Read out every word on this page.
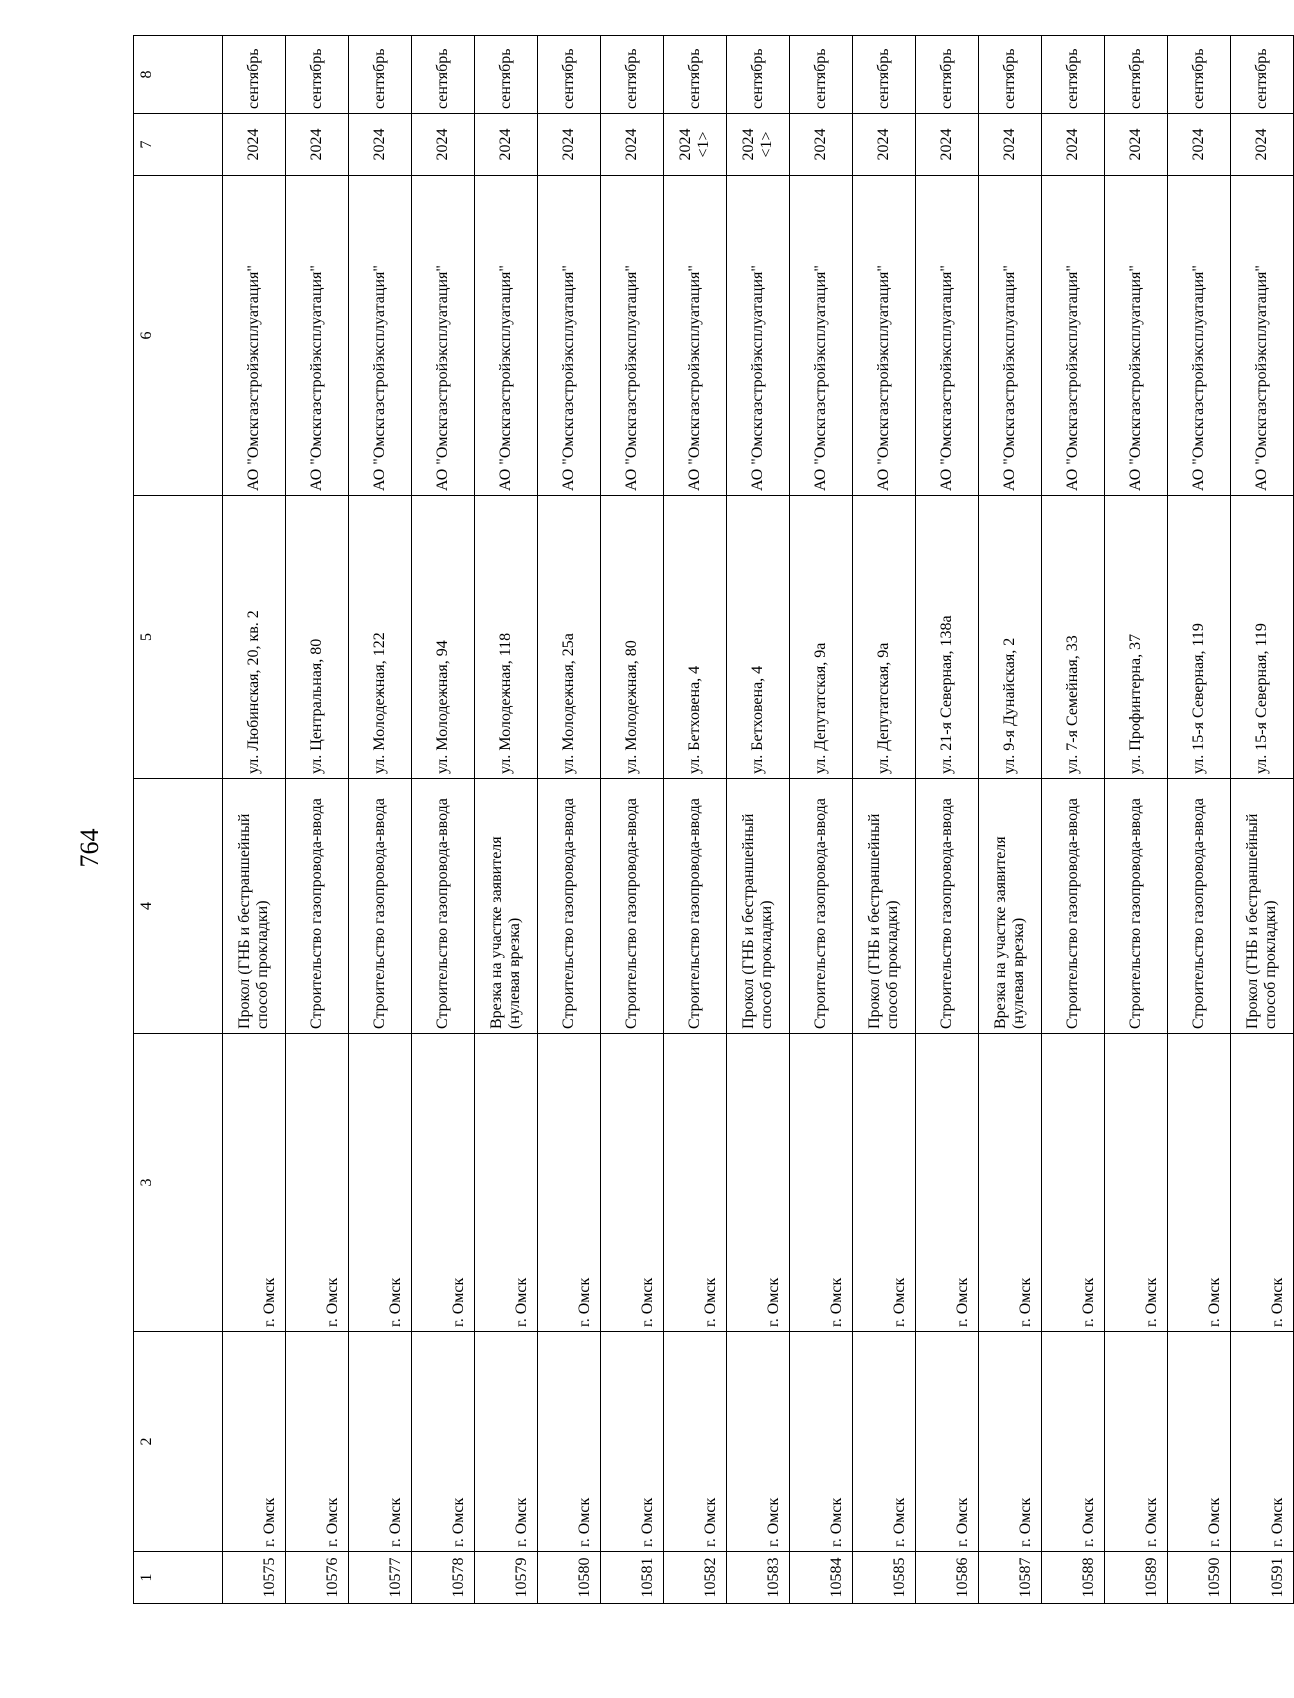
764
1	2	3	4	5	6	7	8
10575	г. Омск	г. Омск	Прокол (ГНБ и бестраншейный способ прокладки)	ул. Любинская, 20, кв. 2	АО "Омскгазстройэксплуатация"	2024	сентябрь
10576	г. Омск	г. Омск	Строительство газопровода-ввода	ул. Центральная, 80	АО "Омскгазстройэксплуатация"	2024	сентябрь
10577	г. Омск	г. Омск	Строительство газопровода-ввода	ул. Молодежная, 122	АО "Омскгазстройэксплуатация"	2024	сентябрь
10578	г. Омск	г. Омск	Строительство газопровода-ввода	ул. Молодежная, 94	АО "Омскгазстройэксплуатация"	2024	сентябрь
10579	г. Омск	г. Омск	Врезка на участке заявителя (нулевая врезка)	ул. Молодежная, 118	АО "Омскгазстройэксплуатация"	2024	сентябрь
10580	г. Омск	г. Омск	Строительство газопровода-ввода	ул. Молодежная, 25а	АО "Омскгазстройэксплуатация"	2024	сентябрь
10581	г. Омск	г. Омск	Строительство газопровода-ввода	ул. Молодежная, 80	АО "Омскгазстройэксплуатация"	2024	сентябрь
10582	г. Омск	г. Омск	Строительство газопровода-ввода	ул. Бетховена, 4	АО "Омскгазстройэксплуатация"	2024 <1>	сентябрь
10583	г. Омск	г. Омск	Прокол (ГНБ и бестраншейный способ прокладки)	ул. Бетховена, 4	АО "Омскгазстройэксплуатация"	2024 <1>	сентябрь
10584	г. Омск	г. Омск	Строительство газопровода-ввода	ул. Депутатская, 9а	АО "Омскгазстройэксплуатация"	2024	сентябрь
10585	г. Омск	г. Омск	Прокол (ГНБ и бестраншейный способ прокладки)	ул. Депутатская, 9а	АО "Омскгазстройэксплуатация"	2024	сентябрь
10586	г. Омск	г. Омск	Строительство газопровода-ввода	ул. 21-я Северная, 138а	АО "Омскгазстройэксплуатация"	2024	сентябрь
10587	г. Омск	г. Омск	Врезка на участке заявителя (нулевая врезка)	ул. 9-я Дунайская, 2	АО "Омскгазстройэксплуатация"	2024	сентябрь
10588	г. Омск	г. Омск	Строительство газопровода-ввода	ул. 7-я Семейная, 33	АО "Омскгазстройэксплуатация"	2024	сентябрь
10589	г. Омск	г. Омск	Строительство газопровода-ввода	ул. Профинтерна, 37	АО "Омскгазстройэксплуатация"	2024	сентябрь
10590	г. Омск	г. Омск	Строительство газопровода-ввода	ул. 15-я Северная, 119	АО "Омскгазстройэксплуатация"	2024	сентябрь
10591	г. Омск	г. Омск	Прокол (ГНБ и бестраншейный способ прокладки)	ул. 15-я Северная, 119	АО "Омскгазстройэксплуатация"	2024	сентябрь
